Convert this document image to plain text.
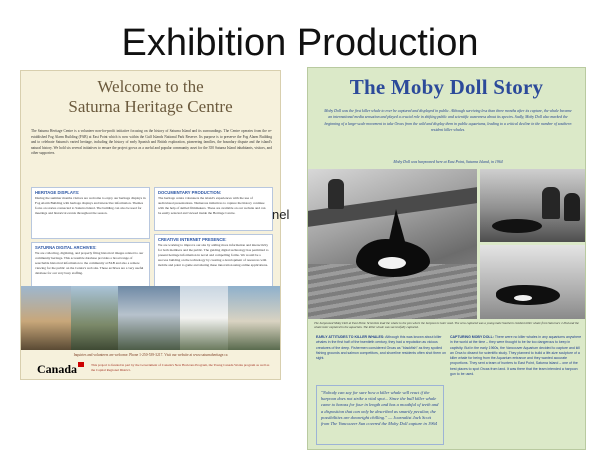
Exhibition Production
Welcome to the
Saturna Heritage Centre
The Saturna Heritage Centre is a volunteer non-for-profit initiative focusing on the history of Saturna Island and its surroundings. The Centre operates from the re-established Fog Alarm Building (FAB) at East Point which is now within the Gulf Islands National Park Reserve. Its purpose is to preserve the Fog Alarm Building and to celebrate Saturna's varied heritage, including the history of early Spanish and British exploration, pioneering families, the boundary dispute and the island's natural history. We hold six several initiatives to ensure the project grows as a useful and popular community asset for the 350 Saturna Island inhabitants, visitors, and other supporters.
HERITAGE DISPLAYS:
During the summer months visitors are welcome to enjoy our heritage displays in Fog Alarm Building with heritage displays and interactive information. Themes focus on stories connected to Saturna Island. The building can also be used for meetings and historical events throughout the season.
DOCUMENTARY PRODUCTION:
The heritage centre volunteers the island's experiences with the use of audiovisual presentations. Numerous initiatives to capture the history continue with the help of skilled filmmakers. These are available on our website and can be easily selected and viewed inside the Heritage Centre.
SATURNA DIGITAL ARCHIVES:
We are collecting, digitizing, and properly filing historical images related to our community heritage. This accessible database provides a broad range of searchable historical information to the community at FAB and also a remote viewing for the public on the Centre's web site. These archives are a very useful database for our very busy staffing.
CREATIVE INTERNET PRESENCE:
We are working to improve our site by adding more information and interactivity for both members and the public. The guiding digital technology has permitted to present heritage information in novel and compelling forms. We would be a success building on the technology by creating a development of resources with mobile and point to game and sharing these innovation using online applications.
Inquiries and volunteers are welcome. Phone 1-250-539-3217. Visit our website at www.saturnaheritage.ca
Canada	This project is funded in part by the Government of Canada's New Horizons Program, the Young Canada Works program as well as the Capital Regional District.
nel
The Moby Doll Story
Moby Doll was the first killer whale to ever be captured and displayed in public. Although surviving less than three months after its capture, the whale became an international media sensation and played a crucial role in shifting public and scientific awareness about its species. Sadly, Moby Doll also marked the beginning of a large-scale movement to take Orcas from the wild and display them in public aquariums, leading to a critical decline in the number of southern resident killer whales.
Moby Doll was harpooned here at East Point, Saturna Island, in 1964
The harpooned Moby Doll at East Point. Scientists lead the whale to the pen where the harpoon is later used. The orca captured was a young male Southern resident killer whale from Saturna's J-Pod and the whale later captured in the aquarium. The killer whale was successfully captured.
EARLY ATTITUDES TO KILLER WHALES: Although this was known about killer whales in the first half of the twentieth century, they had a reputation as vicious creatures of the deep. Fishermen considered Orcas as "blackfish" as they spoiled fishing grounds and salmon competitors, and shoreline residents often shot them on sight.
CAPTURING MOBY DOLL: There were no killer whales in any aquariums anywhere in the world at the time – they were thought to be far too dangerous to keep in captivity. But in the early 1960s, the Vancouver Aquarium decided to capture and kill an Orca to dissect for scientific study. They planned to build a life-size sculpture of a killer whale for being from the Aquarium entrance and they wanted accurate proportions. They sent a team of hunters to East Point, Saturna Island – one of the best places to spot Orcas from land. It was there that the team intended a harpoon gun to be used.
"Nobody can say for sure how a killer whale will react if the harpoon does not strike a vital spot... Since the bull killer whale came to harass for four in length and has a mouthful of teeth and a disposition that can only be described as smartly peculiar, the possibilities are downright chilling." — Journalist Jack Scott from The Vancouver Sun covered the Moby Doll capture in 1964
